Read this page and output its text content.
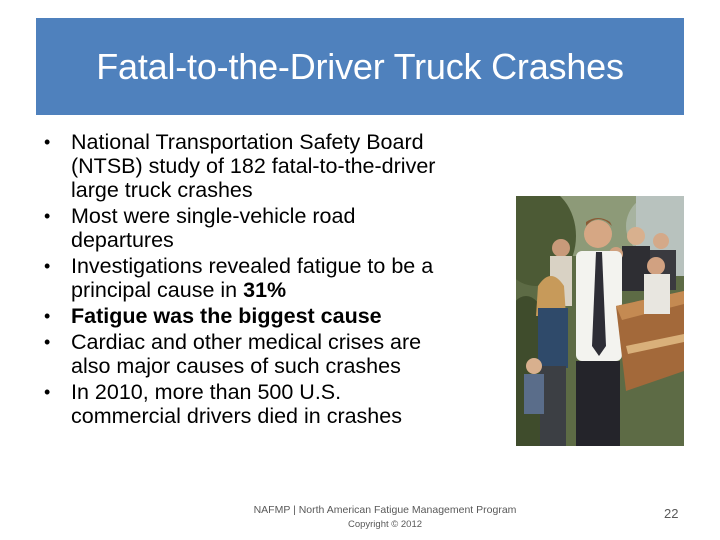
Fatal-to-the-Driver Truck Crashes
• National Transportation Safety Board
(NTSB) study of 182 fatal-to-the-driver
large truck crashes
• Most were single-vehicle road
departures
• Investigations revealed fatigue to be a
principal cause in 31%
• Fatigue was the biggest cause
• Cardiac and other medical crises are
also major causes of such crashes
• In 2010, more than 500 U.S.
commercial drivers died in crashes
NAFMP | North American Fatigue Management Program
Copyright © 2012
22
